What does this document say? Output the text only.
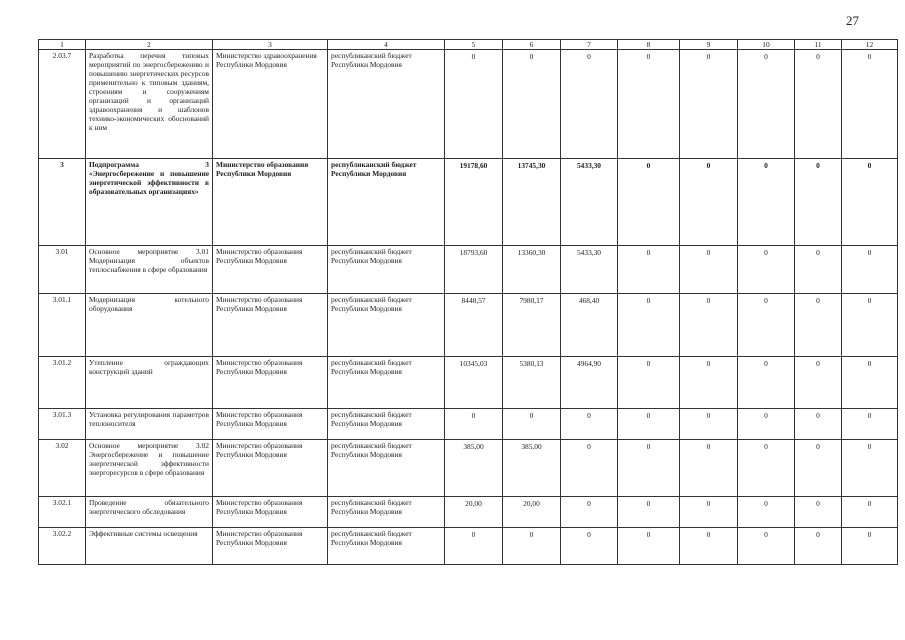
27
1	2	3	4	5	6	7	8	9	10	11	12
2.03.7	Разработка перечня типовых мероприятий по энергосбережению и повышению энергетических ресурсов применительно к типовым зданиям, строениям и сооружениям организаций и организаций здравоохранения и шаблонов технико-экономических обоснований к ним	Министерство здравоохранения Республики Мордовия	республиканский бюджет Республики Мордовия	0	0	0	0	0	0	0	0
3	Подпрограмма 3 «Энергосбережение и повышение энергетической эффективности в образовательных организациях»	Министерство образования Республики Мордовия	республиканский бюджет Республики Мордовия	19178,60	13745,30	5433,30	0	0	0	0	0
3.01	Основное мероприятие 3.01 Модернизация объектов теплоснабжения в сфере образования	Министерство образования Республики Мордовия	республиканский бюджет Республики Мордовия	18793,60	13360,30	5433,30	0	0	0	0	0
3.01.1	Модернизация котельного оборудования	Министерство образования Республики Мордовия	республиканский бюджет Республики Мордовия	8448,57	7980,17	468,40	0	0	0	0	0
3.01.2	Утепление ограждающих конструкций зданий	Министерство образования Республики Мордовия	республиканский бюджет Республики Мордовия	10345,03	5380,13	4964,90	0	0	0	0	0
3.01.3	Установка регулирования параметров теплоносителя	Министерство образования Республики Мордовия	республиканский бюджет Республики Мордовия	0	0	0	0	0	0	0	0
3.02	Основное мероприятие 3.02 Энергосбережение и повышение энергетической эффективности энергоресурсов в сфере образования	Министерство образования Республики Мордовия	республиканский бюджет Республики Мордовия	385,00	385,00	0	0	0	0	0	0
3.02.1	Проведение обязательного энергетического обследования	Министерство образования Республики Мордовия	республиканский бюджет Республики Мордовия	20,00	20,00	0	0	0	0	0	0
3.02.2	Эффективные системы освещения	Министерство образования Республики Мордовия	республиканский бюджет Республики Мордовия	0	0	0	0	0	0	0	0
